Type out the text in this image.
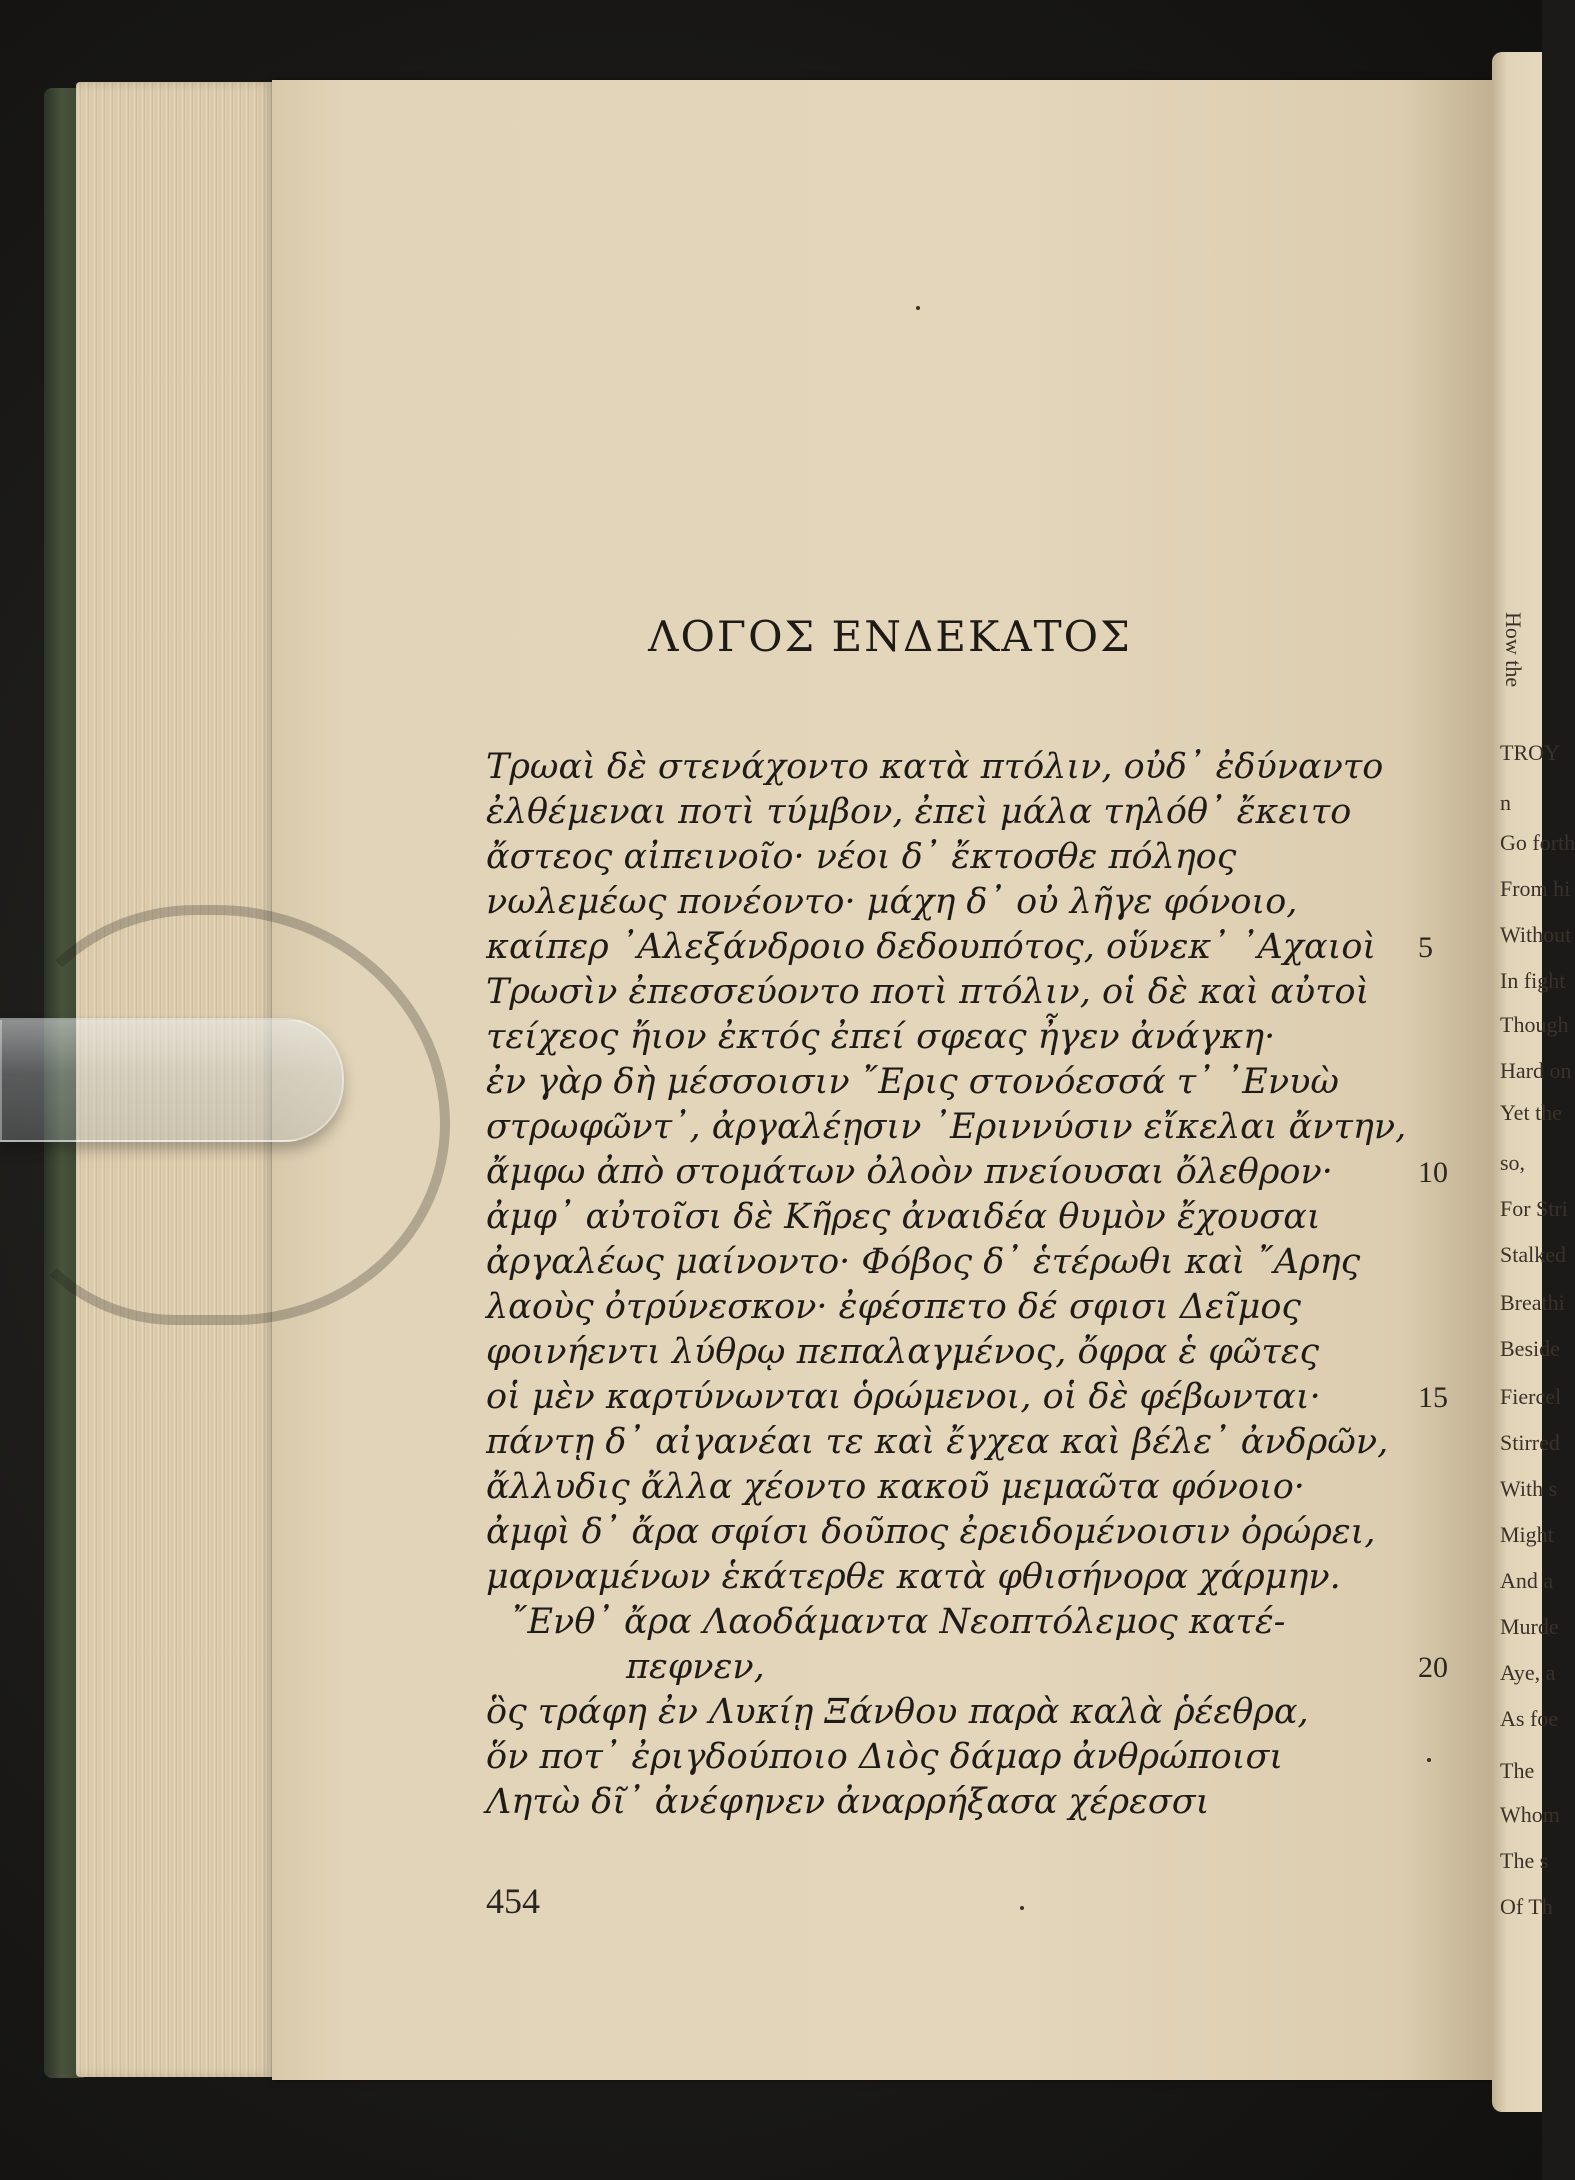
How the
TROY
n
Go forth
From hi
Without
In fight
Though
Hard on
Yet the
so,
For Stri
Stalked
Breathi
Beside
Fiercel
Stirred
With s
Might
And a
Murde
Aye, a
As foe
The
Whom
The s
Of Th
ΛΟΓΟΣ ΕΝΔΕΚΑΤΟΣ
Τρωαὶ δὲ στενάχοντο κατὰ πτόλιν, οὐδ᾽ ἐδύναντο
ἐλθέμεναι ποτὶ τύμβον, ἐπεὶ μάλα τηλόθ᾽ ἔκειτο
ἄστεος αἰπεινοῖο· νέοι δ᾽ ἔκτοσθε πόληος
νωλεμέως πονέοντο· μάχη δ᾽ οὐ λῆγε φόνοιο,
καίπερ ᾽Αλεξάνδροιο δεδουπότος, οὕνεκ᾽ ᾽Αχαιοὶ 5
Τρωσὶν ἐπεσσεύοντο ποτὶ πτόλιν, οἱ δὲ καὶ αὐτοὶ
τείχεος ἤιον ἐκτός ἐπεί σφεας ἦγεν ἀνάγκη·
ἐν γὰρ δὴ μέσσοισιν ῎Ερις στονόεσσά τ᾽ ᾽Ενυὼ
στρωφῶντ᾽, ἀργαλέῃσιν ᾽Εριννύσιν εἴκελαι ἄντην,
ἄμφω ἀπὸ στομάτων ὀλοὸν πνείουσαι ὄλεθρον·	10
ἀμφ᾽ αὐτοῖσι δὲ Κῆρες ἀναιδέα θυμὸν ἔχουσαι
ἀργαλέως μαίνοντο· Φόβος δ᾽ ἑτέρωθι καὶ ῎Αρης
λαοὺς ὀτρύνεσκον· ἐφέσπετο δέ σφισι Δεῖμος
φοινήεντι λύθρῳ πεπαλαγμένος, ὄφρα ἑ φῶτες
οἱ μὲν καρτύνωνται ὁρώμενοι, οἱ δὲ φέβωνται·	15
πάντῃ δ᾽ αἰγανέαι τε καὶ ἔγχεα καὶ βέλε᾽ ἀνδρῶν,
ἄλλυδις ἄλλα χέοντο κακοῦ μεμαῶτα φόνοιο·
ἀμφὶ δ᾽ ἄρα σφίσι δοῦπος ἐρειδομένοισιν ὀρώρει,
μαρναμένων ἑκάτερθε κατὰ φθισήνορα χάρμην.
῎Ενθ᾽ ἄρα Λαοδάμαντα Νεοπτόλεμος κατέ-
πεφνεν,	20
ὃς τράφη ἐν Λυκίῃ Ξάνθου παρὰ καλὰ ῥέεθρα,
ὅν ποτ᾽ ἐριγδούποιο Διὸς δάμαρ ἀνθρώποισι
Λητὼ δῖ᾽ ἀνέφηνεν ἀναρρήξασα χέρεσσι
454
